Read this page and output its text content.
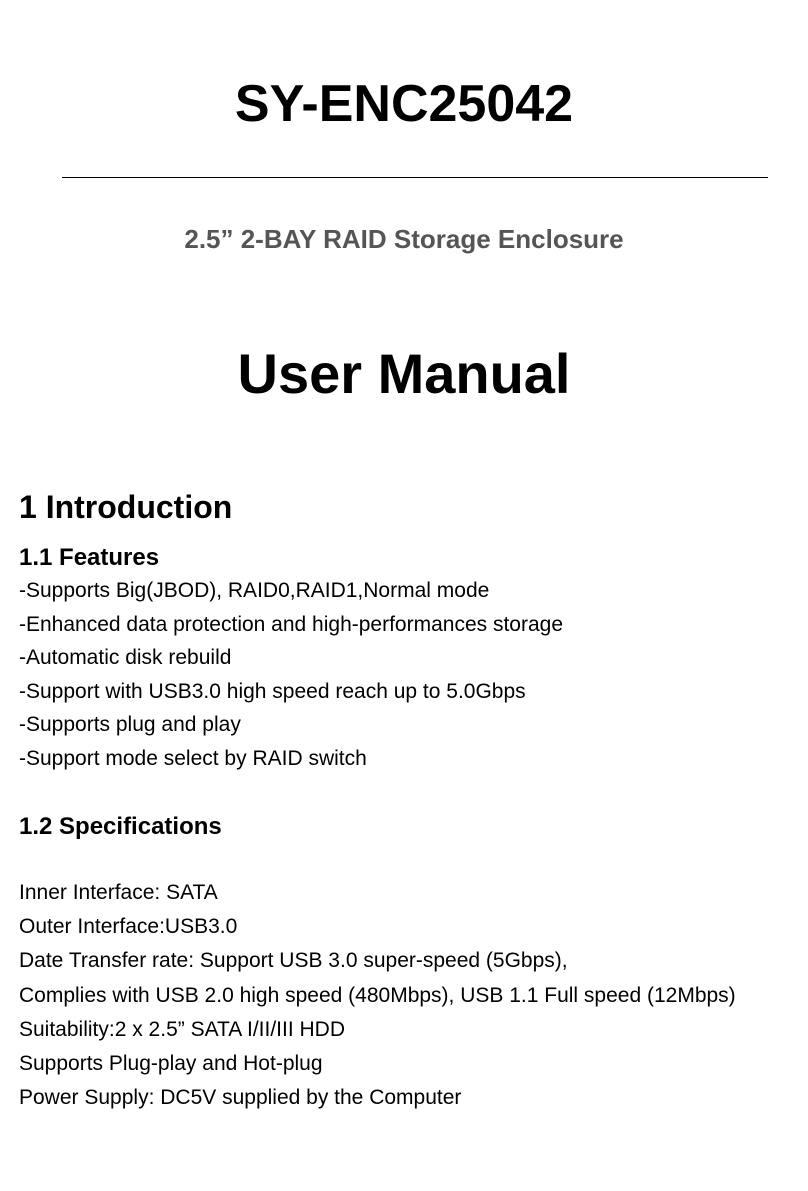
SY-ENC25042
2.5” 2-BAY RAID Storage Enclosure
User Manual
1 Introduction
1.1 Features
-Supports Big(JBOD), RAID0,RAID1,Normal mode
-Enhanced data protection and high-performances storage
-Automatic disk rebuild
-Support with USB3.0 high speed reach up to 5.0Gbps
-Supports plug and play
-Support mode select by RAID switch
1.2 Specifications
Inner Interface: SATA
Outer Interface:USB3.0
Date Transfer rate: Support USB 3.0 super-speed (5Gbps),
Complies with USB 2.0 high speed (480Mbps), USB 1.1 Full speed (12Mbps)
Suitability:2 x 2.5” SATA I/II/III HDD
Supports Plug-play and Hot-plug
Power Supply: DC5V supplied by the Computer
